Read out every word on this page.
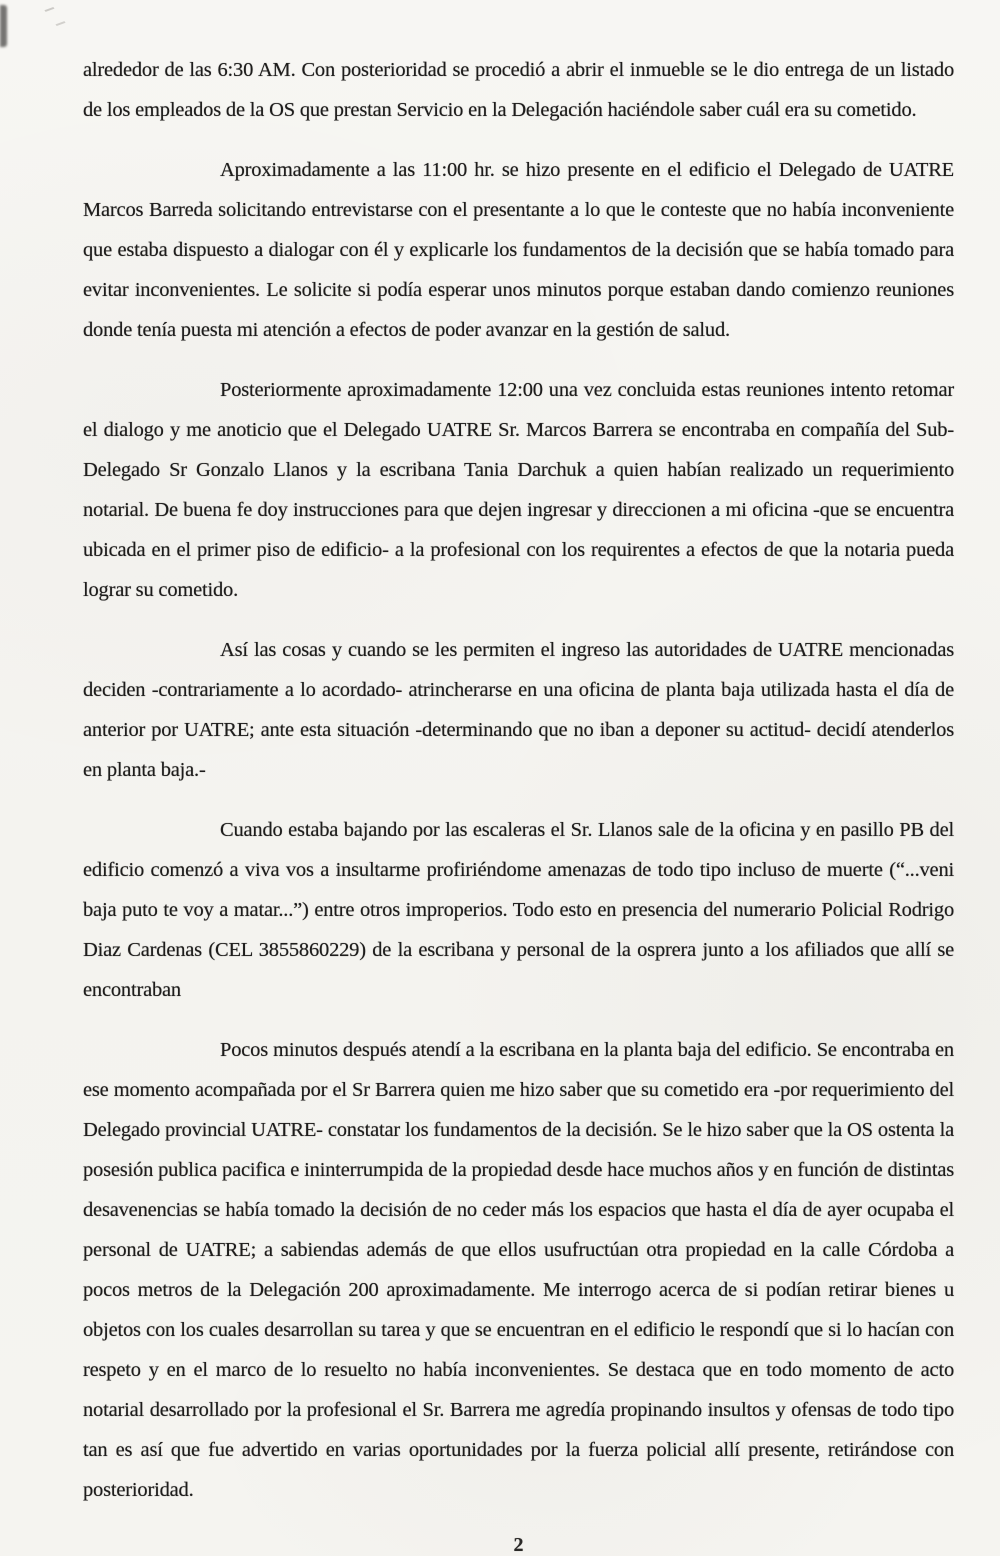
alrededor de las 6:30 AM. Con posterioridad se procedió a abrir el inmueble se le dio entrega de un listado de los empleados de la OS que prestan Servicio en la Delegación haciéndole saber cuál era su cometido.

Aproximadamente a las 11:00 hr. se hizo presente en el edificio el Delegado de UATRE Marcos Barreda solicitando entrevistarse con el presentante a lo que le conteste que no había inconveniente que estaba dispuesto a dialogar con él y explicarle los fundamentos de la decisión que se había tomado para evitar inconvenientes. Le solicite si podía esperar unos minutos porque estaban dando comienzo reuniones donde tenía puesta mi atención a efectos de poder avanzar en la gestión de salud.

Posteriormente aproximadamente 12:00 una vez concluida estas reuniones intento retomar el dialogo y me anoticio que el Delegado UATRE Sr. Marcos Barrera se encontraba en compañía del Sub-Delegado Sr Gonzalo Llanos y la escribana Tania Darchuk a quien habían realizado un requerimiento notarial. De buena fe doy instrucciones para que dejen ingresar y direccionen a mi oficina -que se encuentra ubicada en el primer piso de edificio- a la profesional con los requirentes a efectos de que la notaria pueda lograr su cometido.

Así las cosas y cuando se les permiten el ingreso las autoridades de UATRE mencionadas deciden -contrariamente a lo acordado- atrincherarse en una oficina de planta baja utilizada hasta el día de anterior por UATRE; ante esta situación -determinando que no iban a deponer su actitud- decidí atenderlos en planta baja.-

Cuando estaba bajando por las escaleras el Sr. Llanos sale de la oficina y en pasillo PB del edificio comenzó a viva vos a insultarme profiriéndome amenazas de todo tipo incluso de muerte (“...veni baja puto te voy a matar...”) entre otros improperios. Todo esto en presencia del numerario Policial Rodrigo Diaz Cardenas (CEL 3855860229) de la escribana y personal de la osprera junto a los afiliados que allí se encontraban

Pocos minutos después atendí a la escribana en la planta baja del edificio. Se encontraba en ese momento acompañada por el Sr Barrera quien me hizo saber que su cometido era -por requerimiento del Delegado provincial UATRE- constatar los fundamentos de la decisión. Se le hizo saber que la OS ostenta la posesión publica pacifica e ininterrumpida de la propiedad desde hace muchos años y en función de distintas desavenencias se había tomado la decisión de no ceder más los espacios que hasta el día de ayer ocupaba el personal de UATRE; a sabiendas además de que ellos usufructúan otra propiedad en la calle Córdoba a pocos metros de la Delegación 200 aproximadamente. Me interrogo acerca de si podían retirar bienes u objetos con los cuales desarrollan su tarea y que se encuentran en el edificio le respondí que si lo hacían con respeto y en el marco de lo resuelto no había inconvenientes. Se destaca que en todo momento de acto notarial desarrollado por la profesional el Sr. Barrera me agredía propinando insultos y ofensas de todo tipo tan es así que fue advertido en varias oportunidades por la fuerza policial allí presente, retirándose con posterioridad.

2
